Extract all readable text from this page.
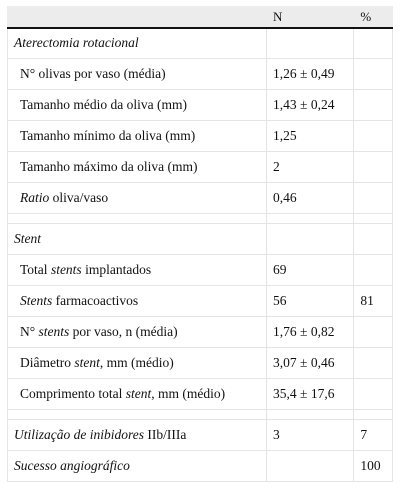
	N	%
Aterectomia rotacional		
N° olivas por vaso (média)	1,26 ± 0,49	
Tamanho médio da oliva (mm)	1,43 ± 0,24	
Tamanho mínimo da oliva (mm)	1,25	
Tamanho máximo da oliva (mm)	2	
Ratio oliva/vaso	0,46	

Stent		
Total stents implantados	69	
Stents farmacoactivos	56	81
N° stents por vaso, n (média)	1,76 ± 0,82	
Diâmetro stent, mm (médio)	3,07 ± 0,46	
Comprimento total stent, mm (médio)	35,4 ± 17,6	

Utilização de inibidores IIb/IIIa	3	7
Sucesso angiográfico		100
